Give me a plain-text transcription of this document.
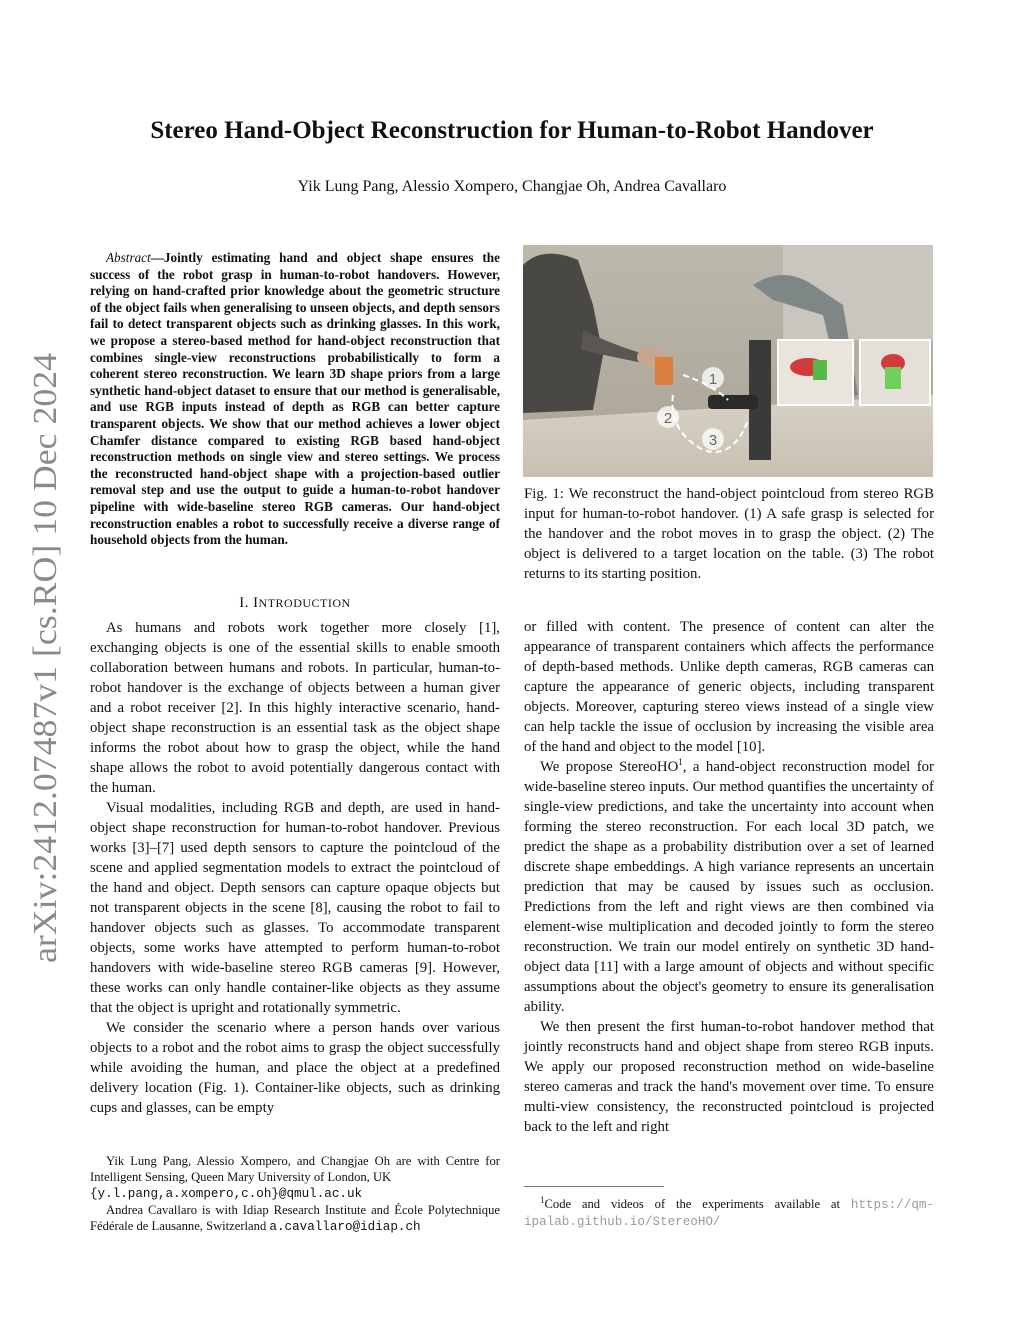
arXiv:2412.07487v1 [cs.RO] 10 Dec 2024
Stereo Hand-Object Reconstruction for Human-to-Robot Handover
Yik Lung Pang, Alessio Xompero, Changjae Oh, Andrea Cavallaro
Abstract—Jointly estimating hand and object shape ensures the success of the robot grasp in human-to-robot handovers. However, relying on hand-crafted prior knowledge about the geometric structure of the object fails when generalising to unseen objects, and depth sensors fail to detect transparent objects such as drinking glasses. In this work, we propose a stereo-based method for hand-object reconstruction that combines single-view reconstructions probabilistically to form a coherent stereo reconstruction. We learn 3D shape priors from a large synthetic hand-object dataset to ensure that our method is generalisable, and use RGB inputs instead of depth as RGB can better capture transparent objects. We show that our method achieves a lower object Chamfer distance compared to existing RGB based hand-object reconstruction methods on single view and stereo settings. We process the reconstructed hand-object shape with a projection-based outlier removal step and use the output to guide a human-to-robot handover pipeline with wide-baseline stereo RGB cameras. Our hand-object reconstruction enables a robot to successfully receive a diverse range of household objects from the human.
I. INTRODUCTION

As humans and robots work together more closely [1], exchanging objects is one of the essential skills to enable smooth collaboration between humans and robots. In particular, human-to-robot handover is the exchange of objects between a human giver and a robot receiver [2]. In this highly interactive scenario, hand-object shape reconstruction is an essential task as the object shape informs the robot about how to grasp the object, while the hand shape allows the robot to avoid potentially dangerous contact with the human.

Visual modalities, including RGB and depth, are used in hand-object shape reconstruction for human-to-robot handover. Previous works [3]–[7] used depth sensors to capture the pointcloud of the scene and applied segmentation models to extract the pointcloud of the hand and object. Depth sensors can capture opaque objects but not transparent objects in the scene [8], causing the robot to fail to handover objects such as glasses. To accommodate transparent objects, some works have attempted to perform human-to-robot handovers with wide-baseline stereo RGB cameras [9]. However, these works can only handle container-like objects as they assume that the object is upright and rotationally symmetric.

We consider the scenario where a person hands over various objects to a robot and the robot aims to grasp the object successfully while avoiding the human, and place the object at a predefined delivery location (Fig. 1). Container-like objects, such as drinking cups and glasses, can be empty

Yik Lung Pang, Alessio Xompero, and Changjae Oh are with Centre for Intelligent Sensing, Queen Mary University of London, UK
{y.l.pang,a.xompero,c.oh}@qmul.ac.uk

Andrea Cavallaro is with Idiap Research Institute and École Polytechnique Fédérale de Lausanne, Switzerland a.cavallaro@idiap.ch

1
2
3
Fig. 1: We reconstruct the hand-object pointcloud from stereo RGB input for human-to-robot handover. (1) A safe grasp is selected for the handover and the robot moves in to grasp the object. (2) The object is delivered to a target location on the table. (3) The robot returns to its starting position.

or filled with content. The presence of content can alter the appearance of transparent containers which affects the performance of depth-based methods. Unlike depth cameras, RGB cameras can capture the appearance of generic objects, including transparent objects. Moreover, capturing stereo views instead of a single view can help tackle the issue of occlusion by increasing the visible area of the hand and object to the model [10].

We propose StereoHO$^1$, a hand-object reconstruction model for wide-baseline stereo inputs. Our method quantifies the uncertainty of single-view predictions, and take the uncertainty into account when forming the stereo reconstruction. For each local 3D patch, we predict the shape as a probability distribution over a set of learned discrete shape embeddings. A high variance represents an uncertain prediction that may be caused by issues such as occlusion. Predictions from the left and right views are then combined via element-wise multiplication and decoded jointly to form the stereo reconstruction. We train our model entirely on synthetic 3D hand-object data [11] with a large amount of objects and without specific assumptions about the object's geometry to ensure its generalisation ability.

We then present the first human-to-robot handover method that jointly reconstructs hand and object shape from stereo RGB inputs. We apply our proposed reconstruction method on wide-baseline stereo cameras and track the hand's movement over time. To ensure multi-view consistency, the reconstructed pointcloud is projected back to the left and right

$^1$Code and videos of the experiments available at https://qm-ipalab.github.io/StereoHO/
